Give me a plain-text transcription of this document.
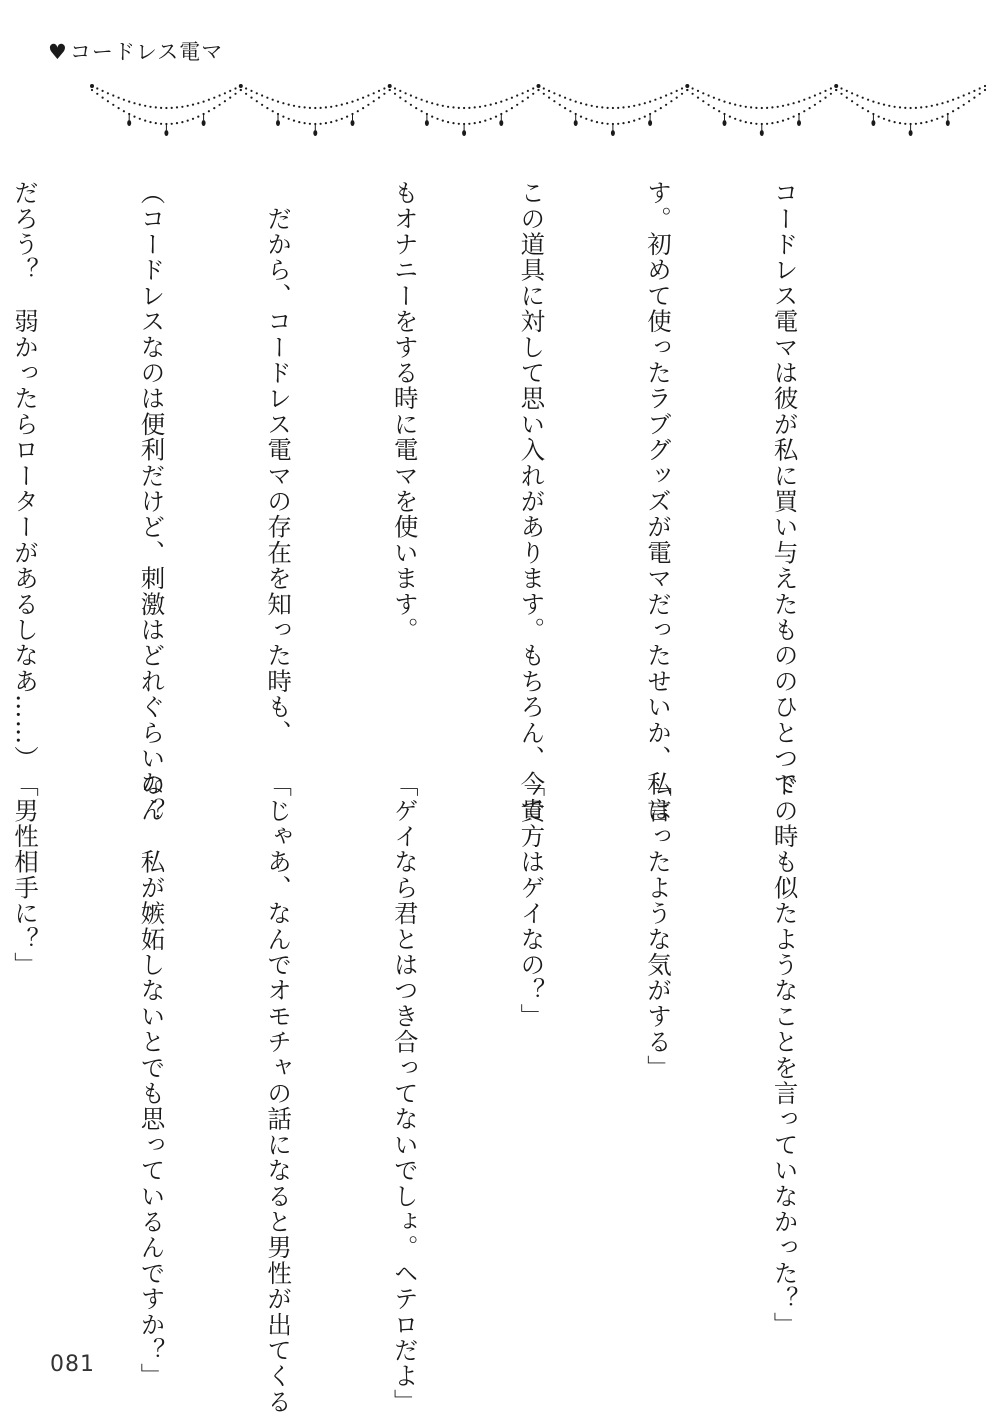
♥コードレス電マ

コードレス電マは彼が私に買い与えたもののひとつで

す。初めて使ったラブグッズが電マだったせいか、私は

この道具に対して思い入れがあります。もちろん、今で

もオナニーをする時に電マを使います。

　だから、コードレス電マの存在を知った時も、

（コードレスなのは便利だけど、刺激はどれぐらいなん

だろう？　弱かったらローターがあるしなあ……）

ドの時も似たようなことを言っていなかった？」

「言ったような気がする」

「貴方はゲイなの？」

「ゲイなら君とはつき合ってないでしょ。ヘテロだよ」

「じゃあ、なんでオモチャの話になると男性が出てくる

の？　私が嫉妬しないとでも思っているんですか？」

「男性相手に？」

081
